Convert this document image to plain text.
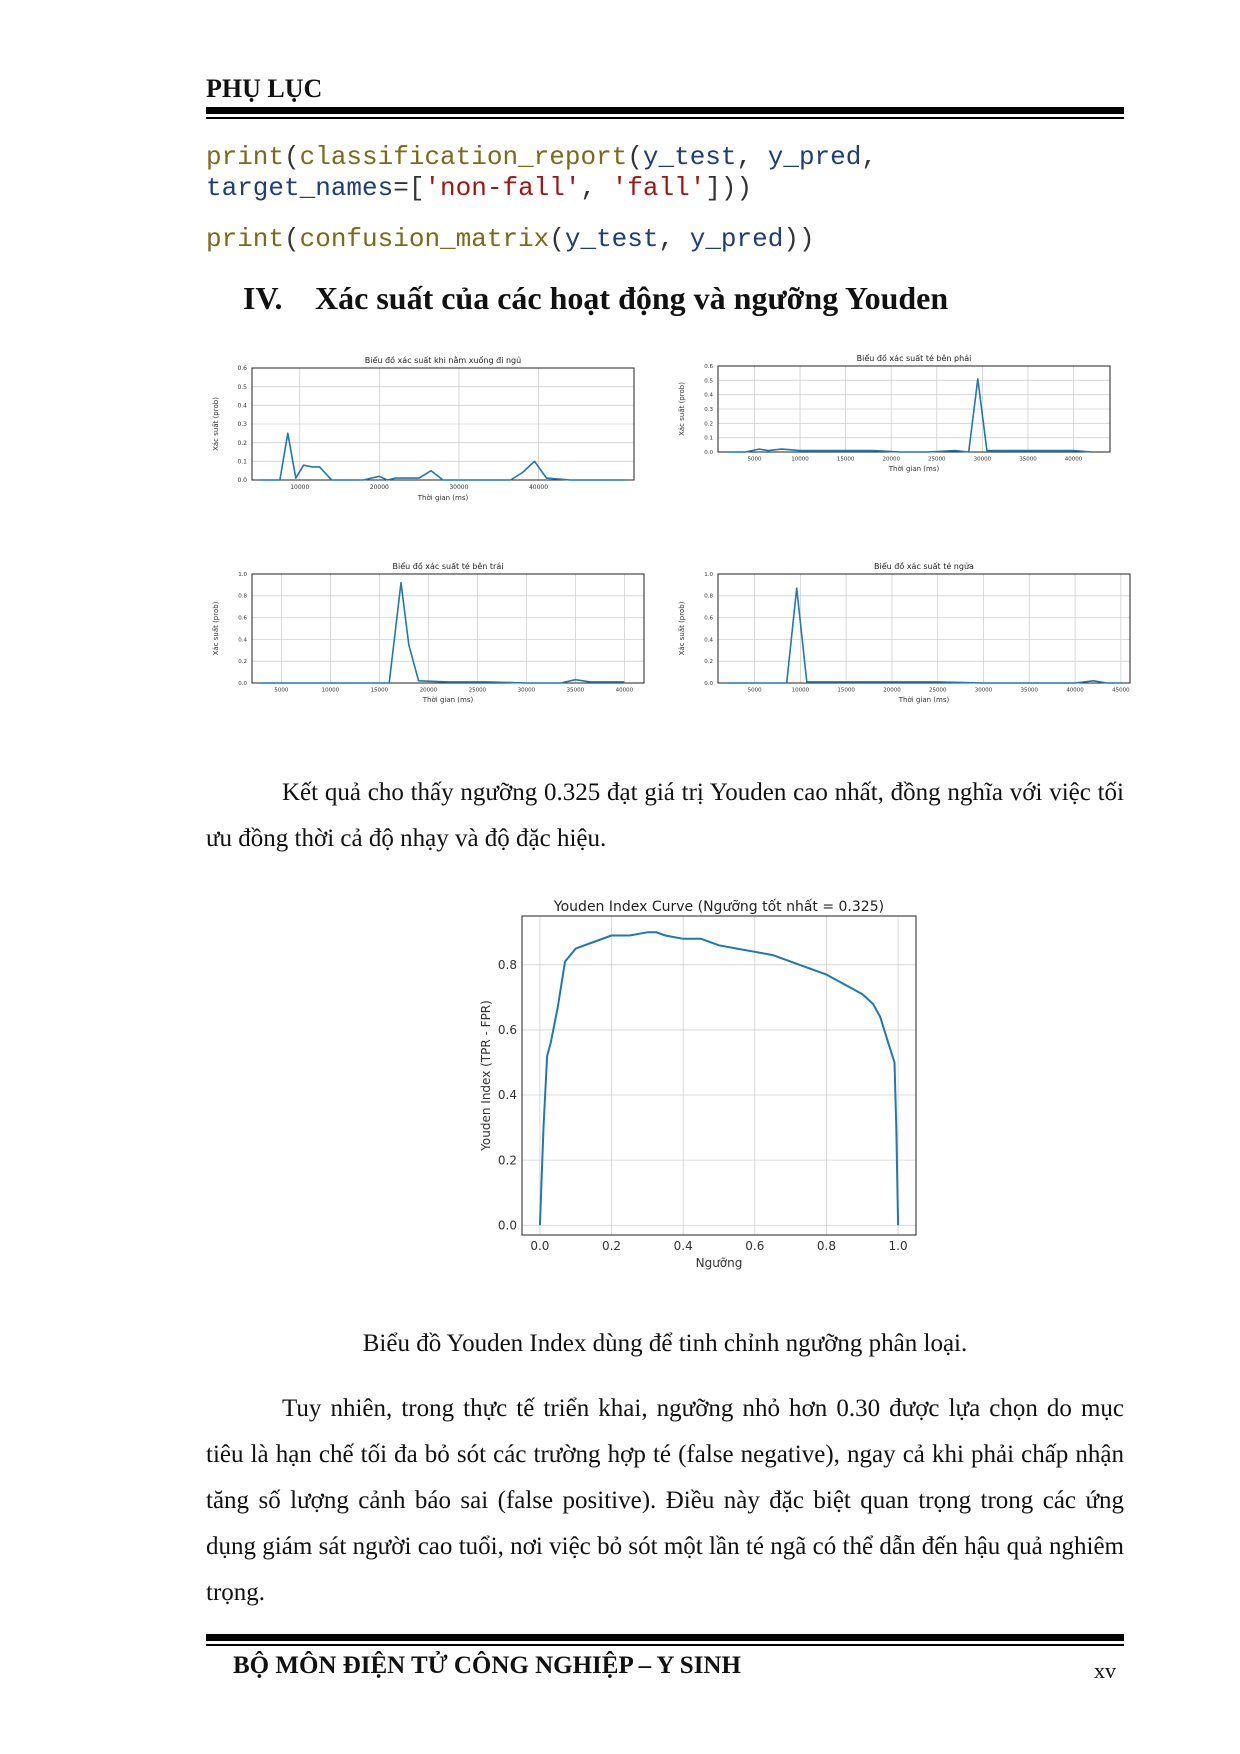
PHỤ LỤC
print(classification_report(y_test, y_pred,
target_names=['non-fall', 'fall']))
print(confusion_matrix(y_test, y_pred))
IV. Xác suất của các hoạt động và ngưỡng Youden
10000	20000	30000	40000
0.0
0.1
0.2
0.3
0.4
0.5
0.6
Biểu đồ xác suất khi nằm xuống đi ngủ
Thời gian (ms)
Xác suất (prob)
5000	10000	15000	20000	25000	30000	35000	40000
0.0
0.1
0.2
0.3
0.4
0.5
0.6
Biểu đồ xác suất té bên phải
Thời gian (ms)
Xác suất (prob)
5000	10000	15000	20000	25000	30000	35000	40000
0.0
0.2
0.4
0.6
0.8
1.0
Biểu đồ xác suất té bên trái
Thời gian (ms)
Xác suất (prob)
5000	10000	15000	20000	25000	30000	35000	40000	45000
0.0
0.2
0.4
0.6
0.8
1.0
Biểu đồ xác suất té ngửa
Thời gian (ms)
Xác suất (prob)
0.0	0.2	0.4	0.6	0.8	1.0
0.0
0.2
0.4
0.6
0.8
Youden Index Curve (Ngưỡng tốt nhất = 0.325)
Ngưỡng
Youden Index (TPR - FPR)
Kết quả cho thấy ngưỡng 0.325 đạt giá trị Youden cao nhất, đồng nghĩa với việc tối ưu đồng thời cả độ nhạy và độ đặc hiệu.
Biểu đồ Youden Index dùng để tinh chỉnh ngưỡng phân loại.
Tuy nhiên, trong thực tế triển khai, ngưỡng nhỏ hơn 0.30 được lựa chọn do mục tiêu là hạn chế tối đa bỏ sót các trường hợp té (false negative), ngay cả khi phải chấp nhận tăng số lượng cảnh báo sai (false positive). Điều này đặc biệt quan trọng trong các ứng dụng giám sát người cao tuổi, nơi việc bỏ sót một lần té ngã có thể dẫn đến hậu quả nghiêm trọng.
BỘ MÔN ĐIỆN TỬ CÔNG NGHIỆP – Y SINH	xv
